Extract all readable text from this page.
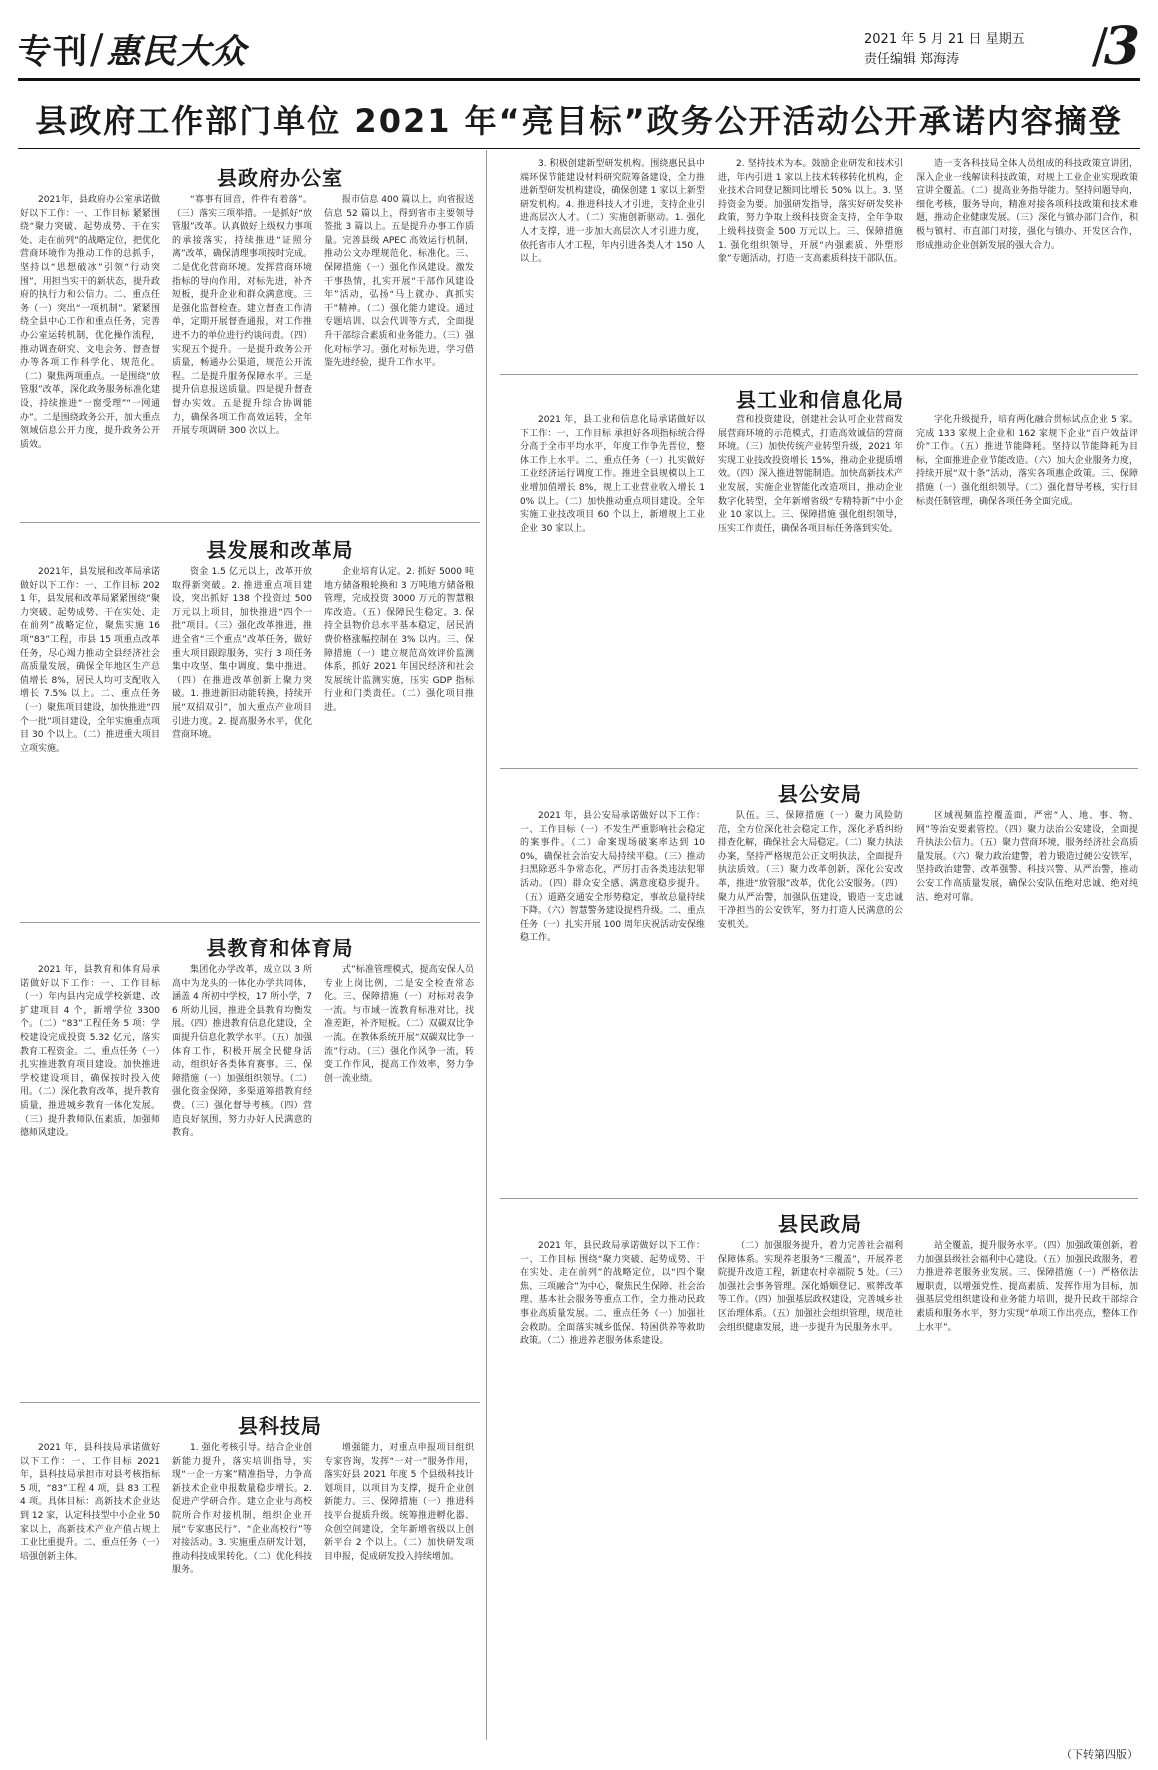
专刊/惠民大众	2021 年 5 月 21 日 星期五
责任编辑 郑海涛	/
3
县政府工作部门单位 2021 年“亮目标”政务公开活动公开承诺内容摘登
县政府办公室

2021年，县政府办公室承诺做好以下工作：一、工作目标 紧紧围绕“聚力突破、起势成势、干在实处、走在前列”的战略定位，把优化营商环境作为推动工作的总抓手，坚持以“思想破冰”引领“行动突围”，用担当实干的新状态，提升政府的执行力和公信力。二、重点任务（一）突出“一项机制”。紧紧围绕全县中心工作和重点任务，完善办公室运转机制，优化操作流程，推动调查研究、文电会务、督查督办等各项工作科学化、规范化。（二）聚焦两项重点。一是围绕“放管服”改革，深化政务服务标准化建设，持续推进“一窗受理”“一网通办”。二是围绕政务公开，加大重点领域信息公开力度，提升政务公开质效。

“寡事有回音，件件有着落”。（三）落实三项举措。一是抓好“放管服”改革。认真做好上级权力事项的承接落实，持续推进“证照分离”改革，确保清理事项按时完成。二是优化营商环境。发挥营商环境指标的导向作用，对标先进，补齐短板，提升企业和群众满意度。三是强化监督检查。建立督查工作清单，定期开展督查通报，对工作推进不力的单位进行约谈问责。（四）实现五个提升。一是提升政务公开质量，畅通办公渠道，规范公开流程。二是提升服务保障水平。三是提升信息报送质量。四是提升督查督办实效。五是提升综合协调能力，确保各项工作高效运转，全年开展专项调研 300 次以上。

报市信息 400 篇以上，向省报送信息 52 篇以上，得到省市主要领导签批 3 篇以上。五是提升办事工作质量。完善县级 APEC 高效运行机制，推动公文办理规范化、标准化。三、保障措施（一）强化作风建设。激发干事热情，扎实开展“干部作风建设年”活动，弘扬“马上就办、真抓实干”精神。（二）强化能力建设。通过专题培训、以会代训等方式，全面提升干部综合素质和业务能力。（三）强化对标学习。强化对标先进，学习借鉴先进经验，提升工作水平。

3. 积极创建新型研发机构。围绕惠民县中端环保节能建设材料研究院筹备建设，全力推进新型研发机构建设，确保创建 1 家以上新型研发机构。4. 推进科技人才引进，支持企业引进高层次人才。（二）实施创新驱动。1. 强化人才支撑，进一步加大高层次人才引进力度，依托省市人才工程，年内引进各类人才 150 人以上。

2. 坚持技术为本。鼓励企业研发和技术引进，年内引进 1 家以上技术转移转化机构，企业技术合同登记额同比增长 50% 以上。3. 坚持资金为要。加强研发指导，落实好研发奖补政策，努力争取上级科技资金支持，全年争取上级科技资金 500 万元以上。三、保障措施 1. 强化组织领导，开展“内强素质、外塑形象”专题活动，打造一支高素质科技干部队伍。

造一支各科技局全体人员组成的科技政策宣讲团，深入企业一线解读科技政策，对规上工业企业实现政策宣讲全覆盖。（二）提高业务指导能力。坚持问题导向，细化考核，服务导向，精准对接各项科技政策和技术难题，推动企业健康发展。（三）深化与镇办部门合作，积极与镇村、市直部门对接，强化与镇办、开发区合作，形成推动企业创新发展的强大合力。

县发展和改革局

2021年，县发展和改革局承诺做好以下工作：一、工作目标 2021 年，县发展和改革局紧紧围绕“聚力突破、起势成势、干在实处、走在前列”战略定位，聚焦实施 16 项“83”工程，市县 15 项重点改革任务，尽心竭力推动全县经济社会高质量发展，确保全年地区生产总值增长 8%，居民人均可支配收入增长 7.5% 以上。二、重点任务（一）聚焦项目建设，加快推进“四个一批”项目建设，全年实施重点项目 30 个以上。（二）推进重大项目立项实施。

资金 1.5 亿元以上，改革开放取得新突破。2. 推进重点项目建设，突出抓好 138 个投资过 500 万元以上项目，加快推进“四个一批”项目。（三）强化改革推进，推进全省“三个重点”改革任务，做好重大项目跟踪服务，实行 3 项任务集中攻坚、集中调度、集中推进。（四）在推进改革创新上聚力突破。1. 推进新旧动能转换，持续开展“双招双引”，加大重点产业项目引进力度。2. 提高服务水平，优化营商环境。

企业培育认定。2. 抓好 5000 吨地方储备粮轮换和 3 万吨地方储备粮管理，完成投资 3000 万元的智慧粮库改造。（五）保障民生稳定。3. 保持全县物价总水平基本稳定，居民消费价格涨幅控制在 3% 以内。三、保障措施（一）建立规范高效评价监测体系，抓好 2021 年国民经济和社会发展统计监测实施，压实 GDP 指标行业和门类责任。（二）强化项目推进。

县工业和信息化局

2021 年，县工业和信息化局承诺做好以下工作：一、工作目标 承担好各项指标统合得分高于全市平均水平，年度工作争先晋位，整体工作上水平。二、重点任务（一）扎实做好工业经济运行调度工作。推进全县规模以上工业增加值增长 8%，规上工业营业收入增长 10% 以上。（二）加快推动重点项目建设。全年实施工业技改项目 60 个以上，新增规上工业企业 30 家以上。

营和投资建设，创建社会认可企业营商发展营商环境的示范模式，打造高效诚信的营商环境。（三）加快传统产业转型升级，2021 年实现工业技改投资增长 15%，推动企业提质增效。（四）深入推进智能制造。加快高新技术产业发展，实施企业智能化改造项目，推动企业数字化转型，全年新增省级“专精特新”中小企业 10 家以上。三、保障措施 强化组织领导，压实工作责任，确保各项目标任务落到实处。

字化升级提升，培育两化融合贯标试点企业 5 家。完成 133 家规上企业和 162 家规下企业“百户效益评价”工作。（五）推进节能降耗。坚持以节能降耗为目标，全面推进企业节能改造。（六）加大企业服务力度，持续开展“双十条”活动，落实各项惠企政策。三、保障措施（一）强化组织领导。（二）强化督导考核，实行目标责任制管理，确保各项任务全面完成。

县教育和体育局

2021 年，县教育和体育局承诺做好以下工作：一、工作目标（一）年内县内完成学校新建、改扩建项目 4 个，新增学位 3300 个。（二）“83”工程任务 5 项：学校建设完成投资 5.32 亿元，落实教育工程资金。二、重点任务（一）扎实推进教育项目建设。加快推进学校建设项目，确保按时投入使用。（二）深化教育改革，提升教育质量，推进城乡教育一体化发展。（三）提升教师队伍素质，加强师德师风建设。

集团化办学改革，成立以 3 所高中为龙头的一体化办学共同体，涵盖 4 所初中学校，17 所小学，76 所幼儿园，推进全县教育均衡发展。（四）推进教育信息化建设，全面提升信息化教学水平。（五）加强体育工作，积极开展全民健身活动，组织好各类体育赛事。三、保障措施（一）加强组织领导。（二）强化资金保障，多渠道筹措教育经费。（三）强化督导考核。（四）营造良好氛围，努力办好人民满意的教育。

式”标准管理模式，提高安保人员专业上岗比例，二是安全检查常态化。三、保障措施（一）对标对表争一流。与市域一流教育标准对比，找准差距，补齐短板。（二）双碳双比争一流。在教体系统开展“双碳双比争一流”行动。（三）强化作风争一流，转变工作作风，提高工作效率，努力争创一流业绩。

县公安局

2021 年，县公安局承诺做好以下工作：一、工作目标（一）不发生严重影响社会稳定的案事件。（二）命案现场破案率达到 100%，确保社会治安大局持续平稳。（三）推动扫黑除恶斗争常态化，严厉打击各类违法犯罪活动。（四）群众安全感、满意度稳步提升。（五）道路交通安全形势稳定，事故总量持续下降。（六）智慧警务建设提档升级。二、重点任务（一）扎实开展 100 周年庆祝活动安保维稳工作。

队伍。三、保障措施（一）聚力风险防范，全方位深化社会稳定工作，深化矛盾纠纷排查化解，确保社会大局稳定。（二）聚力执法办案，坚持严格规范公正文明执法，全面提升执法质效。（三）聚力改革创新，深化公安改革，推进“放管服”改革，优化公安服务。（四）聚力从严治警，加强队伍建设，锻造一支忠诚干净担当的公安铁军，努力打造人民满意的公安机关。

区域视频监控覆盖面，严密“人、地、事、物、网”等治安要素管控。（四）聚力法治公安建设，全面提升执法公信力。（五）聚力营商环境，服务经济社会高质量发展。（六）聚力政治建警，着力锻造过硬公安铁军，坚持政治建警、改革强警、科技兴警、从严治警，推动公安工作高质量发展，确保公安队伍绝对忠诚、绝对纯洁、绝对可靠。

县民政局

2021 年，县民政局承诺做好以下工作：一、工作目标 围绕“聚力突破、起势成势、干在实处、走在前列”的战略定位，以“四个聚焦、三项融合”为中心，聚焦民生保障、社会治理、基本社会服务等重点工作，全力推动民政事业高质量发展。二、重点任务（一）加强社会救助。全面落实城乡低保、特困供养等救助政策。（二）推进养老服务体系建设。

（二）加强服务提升，着力完善社会福利保障体系。实现养老服务“三覆盖”，开展养老院提升改造工程，新建农村幸福院 5 处。（三）加强社会事务管理。深化婚姻登记、殡葬改革等工作。（四）加强基层政权建设，完善城乡社区治理体系。（五）加强社会组织管理，规范社会组织健康发展，进一步提升为民服务水平。

站全覆盖，提升服务水平。（四）加强政策创新，着力加强县级社会福利中心建设。（五）加强民政服务，着力推进养老服务业发展。三、保障措施（一）严格依法履职责，以增强党性、提高素质、发挥作用为目标，加强基层党组织建设和业务能力培训，提升民政干部综合素质和服务水平，努力实现“单项工作出亮点，整体工作上水平”。

县科技局

2021 年，县科技局承诺做好以下工作：一、工作目标 2021 年，县科技局承担市对县考核指标 5 项，“83”工程 4 项，县 83 工程 4 项。具体目标：高新技术企业达到 12 家，认定科技型中小企业 50 家以上，高新技术产业产值占规上工业比重提升。二、重点任务（一）培强创新主体。

1. 强化考核引导。结合企业创新能力提升，落实培训指导，实现“一企一方案”精准指导，力争高新技术企业申报数量稳步增长。2. 促进产学研合作。建立企业与高校院所合作对接机制，组织企业开展“专家惠民行”、“企业高校行”等对接活动。3. 实施重点研发计划，推动科技成果转化。（二）优化科技服务。

增强能力，对重点申报项目组织专家咨询，发挥“一对一”服务作用，落实好县 2021 年度 5 个县级科技计划项目，以项目为支撑，提升企业创新能力。三、保障措施（一）推进科技平台提质升级。统筹推进孵化器、众创空间建设，全年新增省级以上创新平台 2 个以上。（二）加快研发项目申报，促成研发投入持续增加。

（下转第四版）
